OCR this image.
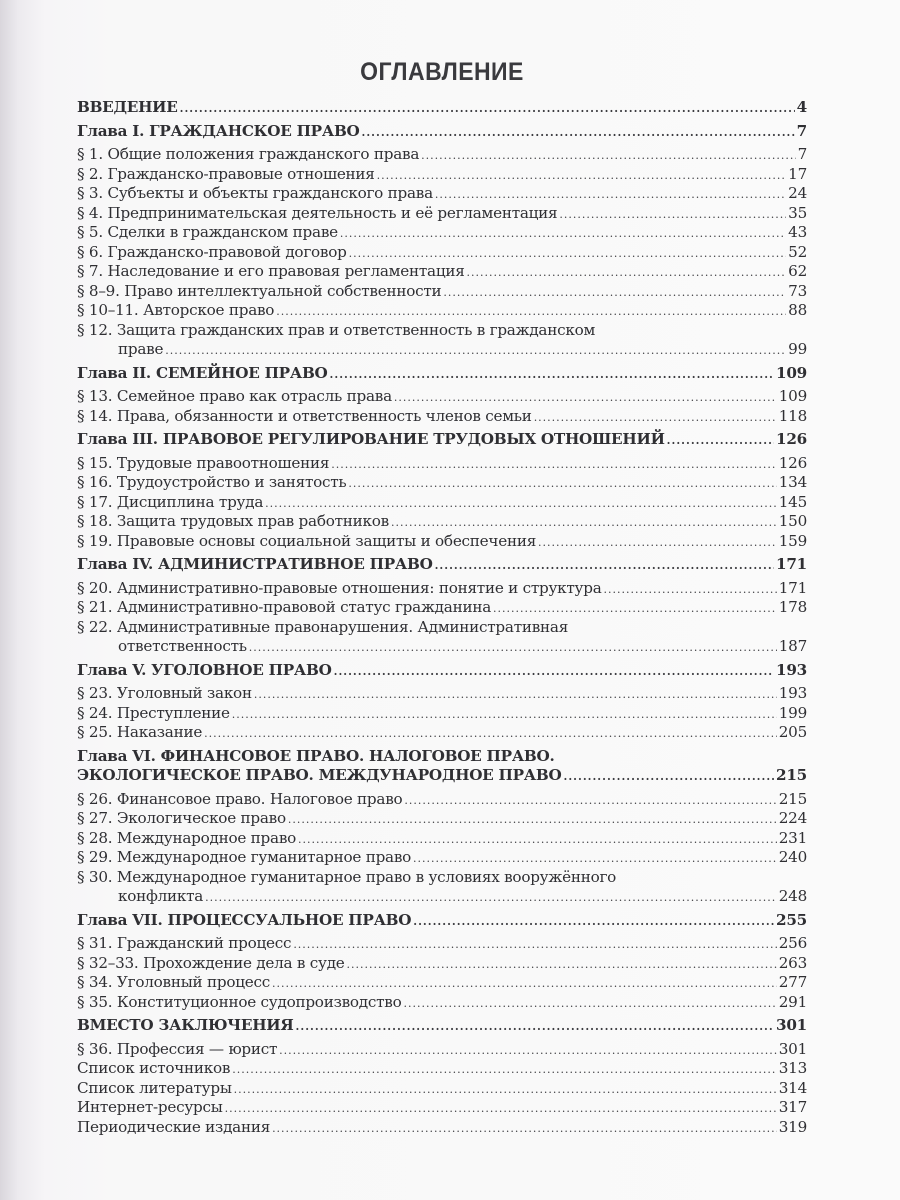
ОГЛАВЛЕНИЕ
ВВЕДЕНИЕ .....	4
Глава I. ГРАЖДАНСКОЕ ПРАВО .....	7
§ 1. Общие положения гражданского права .....	7
§ 2. Гражданско-правовые отношения .....	17
§ 3. Субъекты и объекты гражданского права .....	24
§ 4. Предпринимательская деятельность и её регламентация .....	35
§ 5. Сделки в гражданском праве .....	43
§ 6. Гражданско-правовой договор .....	52
§ 7. Наследование и его правовая регламентация .....	62
§ 8–9. Право интеллектуальной собственности .....	73
§ 10–11. Авторское право .....	88
§ 12. Защита гражданских прав и ответственность в гражданском
праве .....	99
Глава II. СЕМЕЙНОЕ ПРАВО .....	109
§ 13. Семейное право как отрасль права .....	109
§ 14. Права, обязанности и ответственность членов семьи .....	118
Глава III. ПРАВОВОЕ РЕГУЛИРОВАНИЕ ТРУДОВЫХ ОТНОШЕНИЙ .....	126
§ 15. Трудовые правоотношения .....	126
§ 16. Трудоустройство и занятость .....	134
§ 17. Дисциплина труда .....	145
§ 18. Защита трудовых прав работников .....	150
§ 19. Правовые основы социальной защиты и обеспечения .....	159
Глава IV. АДМИНИСТРАТИВНОЕ ПРАВО .....	171
§ 20. Административно-правовые отношения: понятие и структура .....	171
§ 21. Административно-правовой статус гражданина .....	178
§ 22. Административные правонарушения. Административная
ответственность .....	187
Глава V. УГОЛОВНОЕ ПРАВО .....	193
§ 23. Уголовный закон .....	193
§ 24. Преступление .....	199
§ 25. Наказание .....	205
Глава VI. ФИНАНСОВОЕ ПРАВО. НАЛОГОВОЕ ПРАВО.
ЭКОЛОГИЧЕСКОЕ ПРАВО. МЕЖДУНАРОДНОЕ ПРАВО .....	215
§ 26. Финансовое право. Налоговое право .....	215
§ 27. Экологическое право .....	224
§ 28. Международное право .....	231
§ 29. Международное гуманитарное право .....	240
§ 30. Международное гуманитарное право в условиях вооружённого
конфликта .....	248
Глава VII. ПРОЦЕССУАЛЬНОЕ ПРАВО .....	255
§ 31. Гражданский процесс .....	256
§ 32–33. Прохождение дела в суде .....	263
§ 34. Уголовный процесс .....	277
§ 35. Конституционное судопроизводство .....	291
ВМЕСТО ЗАКЛЮЧЕНИЯ .....	301
§ 36. Профессия — юрист .....	301
Список источников .....	313
Список литературы .....	314
Интернет-ресурсы .....	317
Периодические издания .....	319
